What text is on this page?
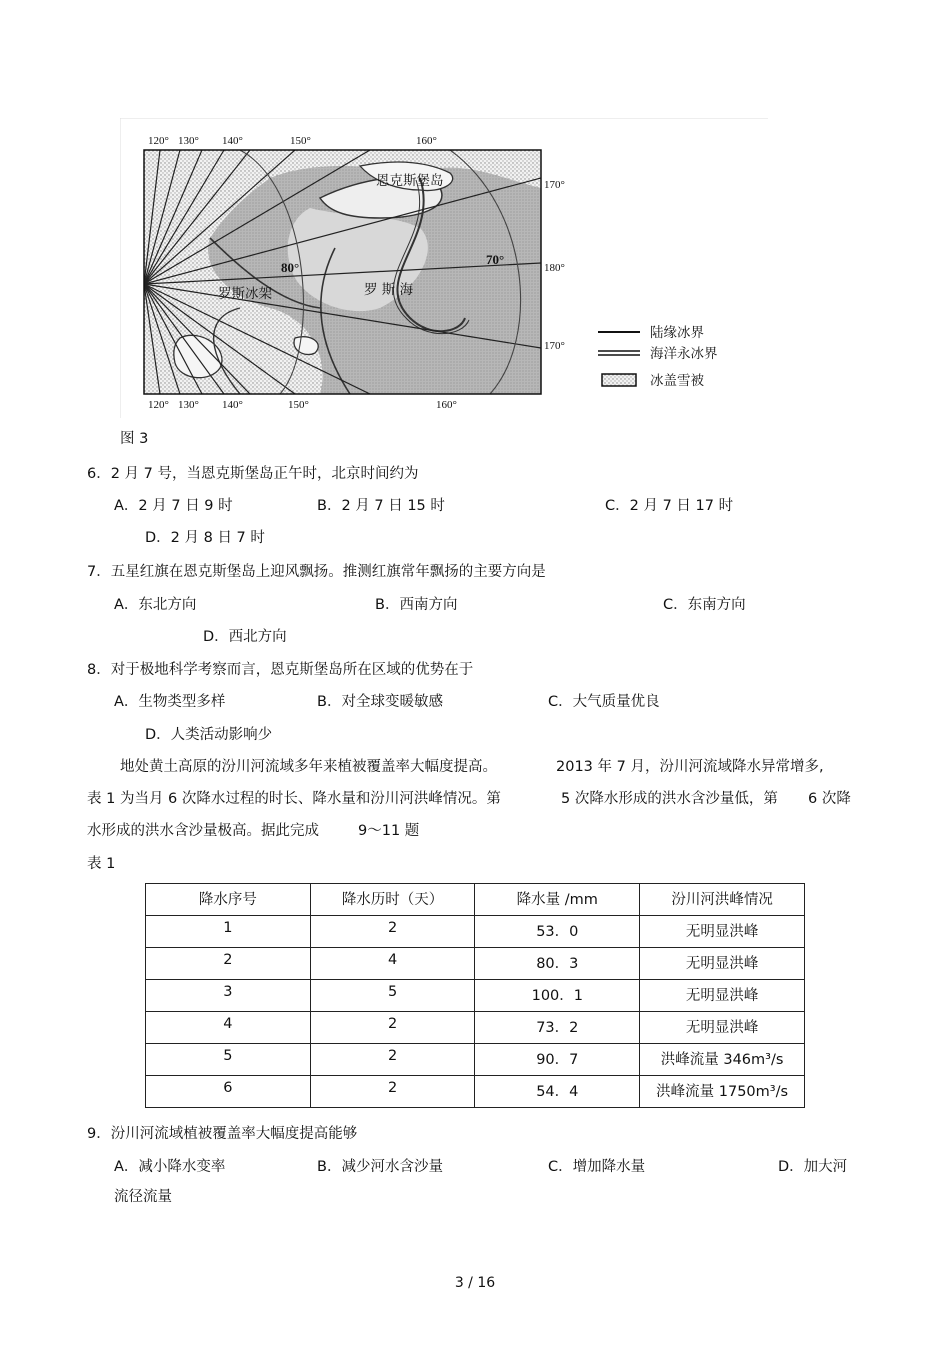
120° 130° 140°	150°	160°
120° 130° 140°	150°	160°
170°
180°
170°
80°
70°
恩克斯堡岛
罗斯冰架	罗 斯 海
陆缘冰界
海洋永冰界
冰盖雪被
图 3
6．2 月 7 号，当恩克斯堡岛正午时，北京时间约为
A．2 月 7 日 9 时	B．2 月 7 日 15 时	C．2 月 7 日 17 时
D．2 月 8 日 7 时
7．五星红旗在恩克斯堡岛上迎风飘扬。推测红旗常年飘扬的主要方向是
A．东北方向	B．西南方向	C．东南方向
D．西北方向
8．对于极地科学考察而言，恩克斯堡岛所在区域的优势在于
A．生物类型多样	B．对全球变暖敏感	C．大气质量优良
D．人类活动影响少
地处黄土高原的汾川河流域多年来植被覆盖率大幅度提高。	2013 年 7 月，汾川河流域降水异常增多,
表 1 为当月 6 次降水过程的时长、降水量和汾川河洪峰情况。第	5 次降水形成的洪水含沙量低，第 6 次降
水形成的洪水含沙量极高。据此完成	9～11 题
表 1
降水序号	降水历时（天）	降水量 /mm	汾川河洪峰情况
1	2	53．0	无明显洪峰
2	4	80．3	无明显洪峰
3	5	100．1	无明显洪峰
4	2	73．2	无明显洪峰
5	2	90．7	洪峰流量 346m³/s
6	2	54．4	洪峰流量 1750m³/s
9．汾川河流域植被覆盖率大幅度提高能够
A．减小降水变率	B．减少河水含沙量	C．增加降水量	D．加大河
流径流量
3 / 16
